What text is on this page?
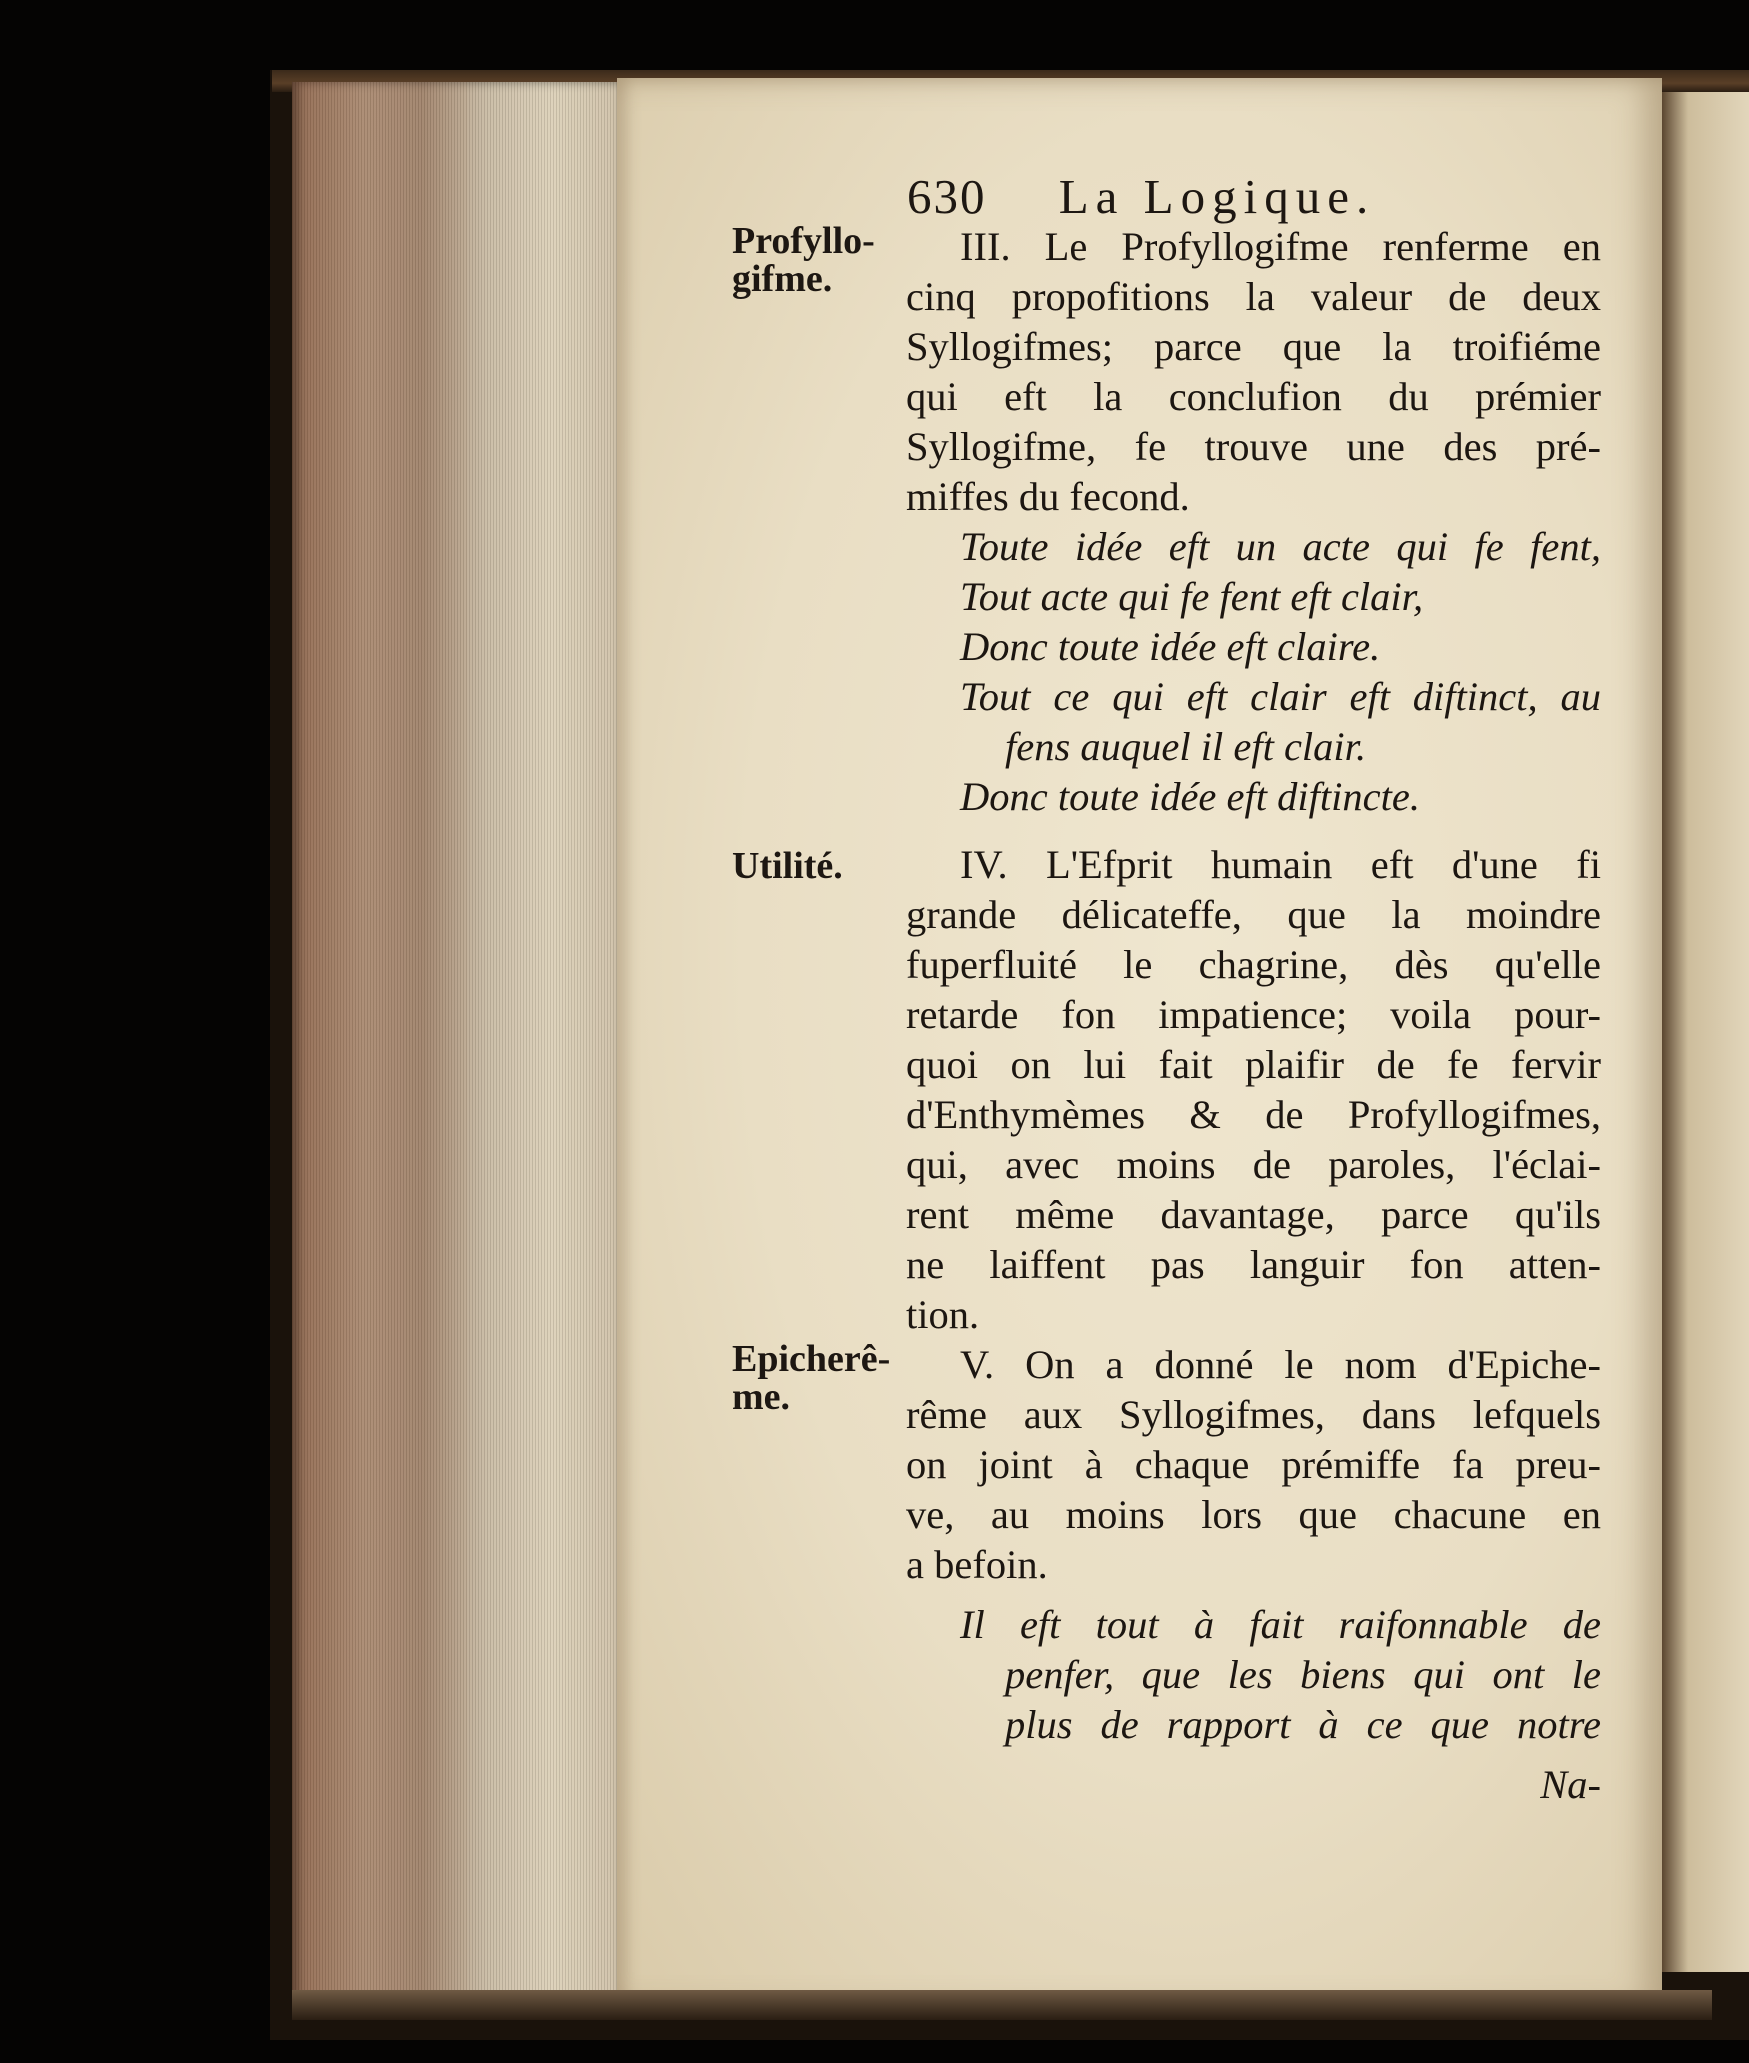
630 La Logique.
Profyllo-
gifme.
Utilité.
Epicherê-
me.
III. Le Profyllogifme renferme en
cinq propofitions la valeur de deux
Syllogifmes; parce que la troifiéme
qui eft la conclufion du prémier
Syllogifme, fe trouve une des pré-
miffes du fecond.
Toute idée eft un acte qui fe fent,
Tout acte qui fe fent eft clair,
Donc toute idée eft claire.
Tout ce qui eft clair eft diftinct, au
fens auquel il eft clair.
Donc toute idée eft diftincte.
IV. L'Efprit humain eft d'une fi
grande délicateffe, que la moindre
fuperfluité le chagrine, dès qu'elle
retarde fon impatience; voila pour-
quoi on lui fait plaifir de fe fervir
d'Enthymèmes & de Profyllogifmes,
qui, avec moins de paroles, l'éclai-
rent même davantage, parce qu'ils
ne laiffent pas languir fon atten-
tion.
V. On a donné le nom d'Epiche-
rême aux Syllogifmes, dans lefquels
on joint à chaque prémiffe fa preu-
ve, au moins lors que chacune en
a befoin.
Il eft tout à fait raifonnable de
penfer, que les biens qui ont le
plus de rapport à ce que notre
Na-
